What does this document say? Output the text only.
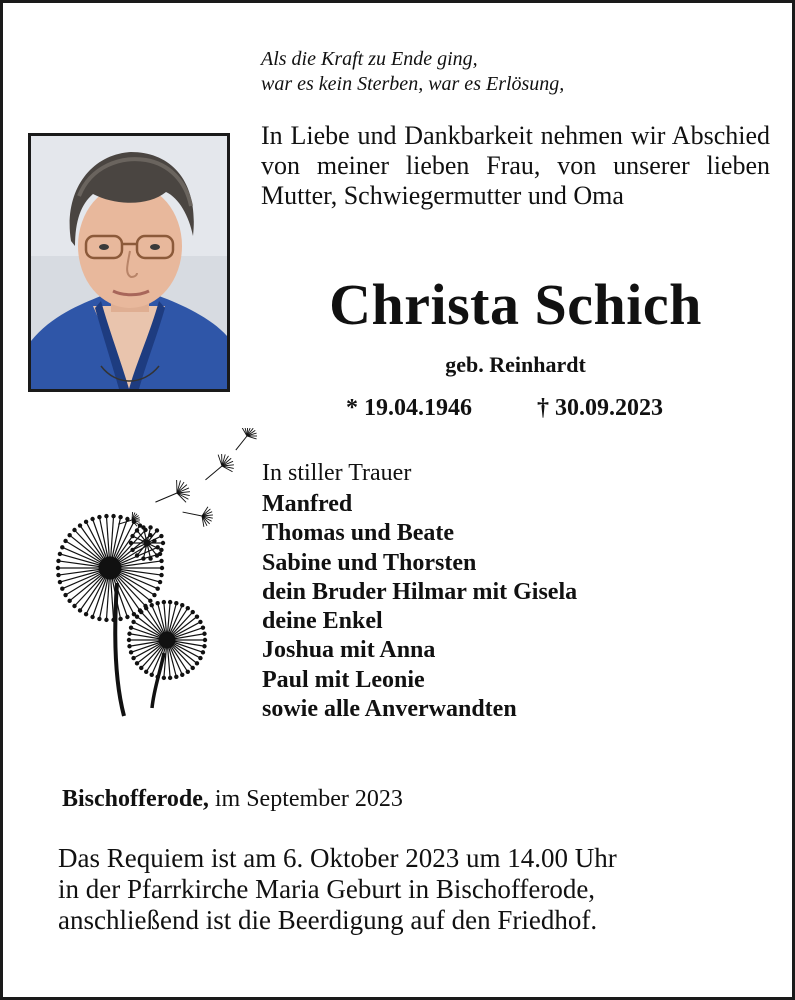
Als die Kraft zu Ende ging,
war es kein Sterben, war es Erlösung,
In Liebe und Dankbarkeit nehmen wir Abschied von meiner lieben Frau, von unserer lieben Mutter, Schwiegermutter und Oma
Christa Schich
geb. Reinhardt
* 19.04.1946	† 30.09.2023
In stiller Trauer
Manfred
Thomas und Beate
Sabine und Thorsten
dein Bruder Hilmar mit Gisela
deine Enkel
Joshua mit Anna
Paul mit Leonie
sowie alle Anverwandten
Bischofferode, im September 2023
Das Requiem ist am 6. Oktober 2023 um 14.00 Uhr
in der Pfarrkirche Maria Geburt in Bischofferode,
anschließend ist die Beerdigung auf den Friedhof.
